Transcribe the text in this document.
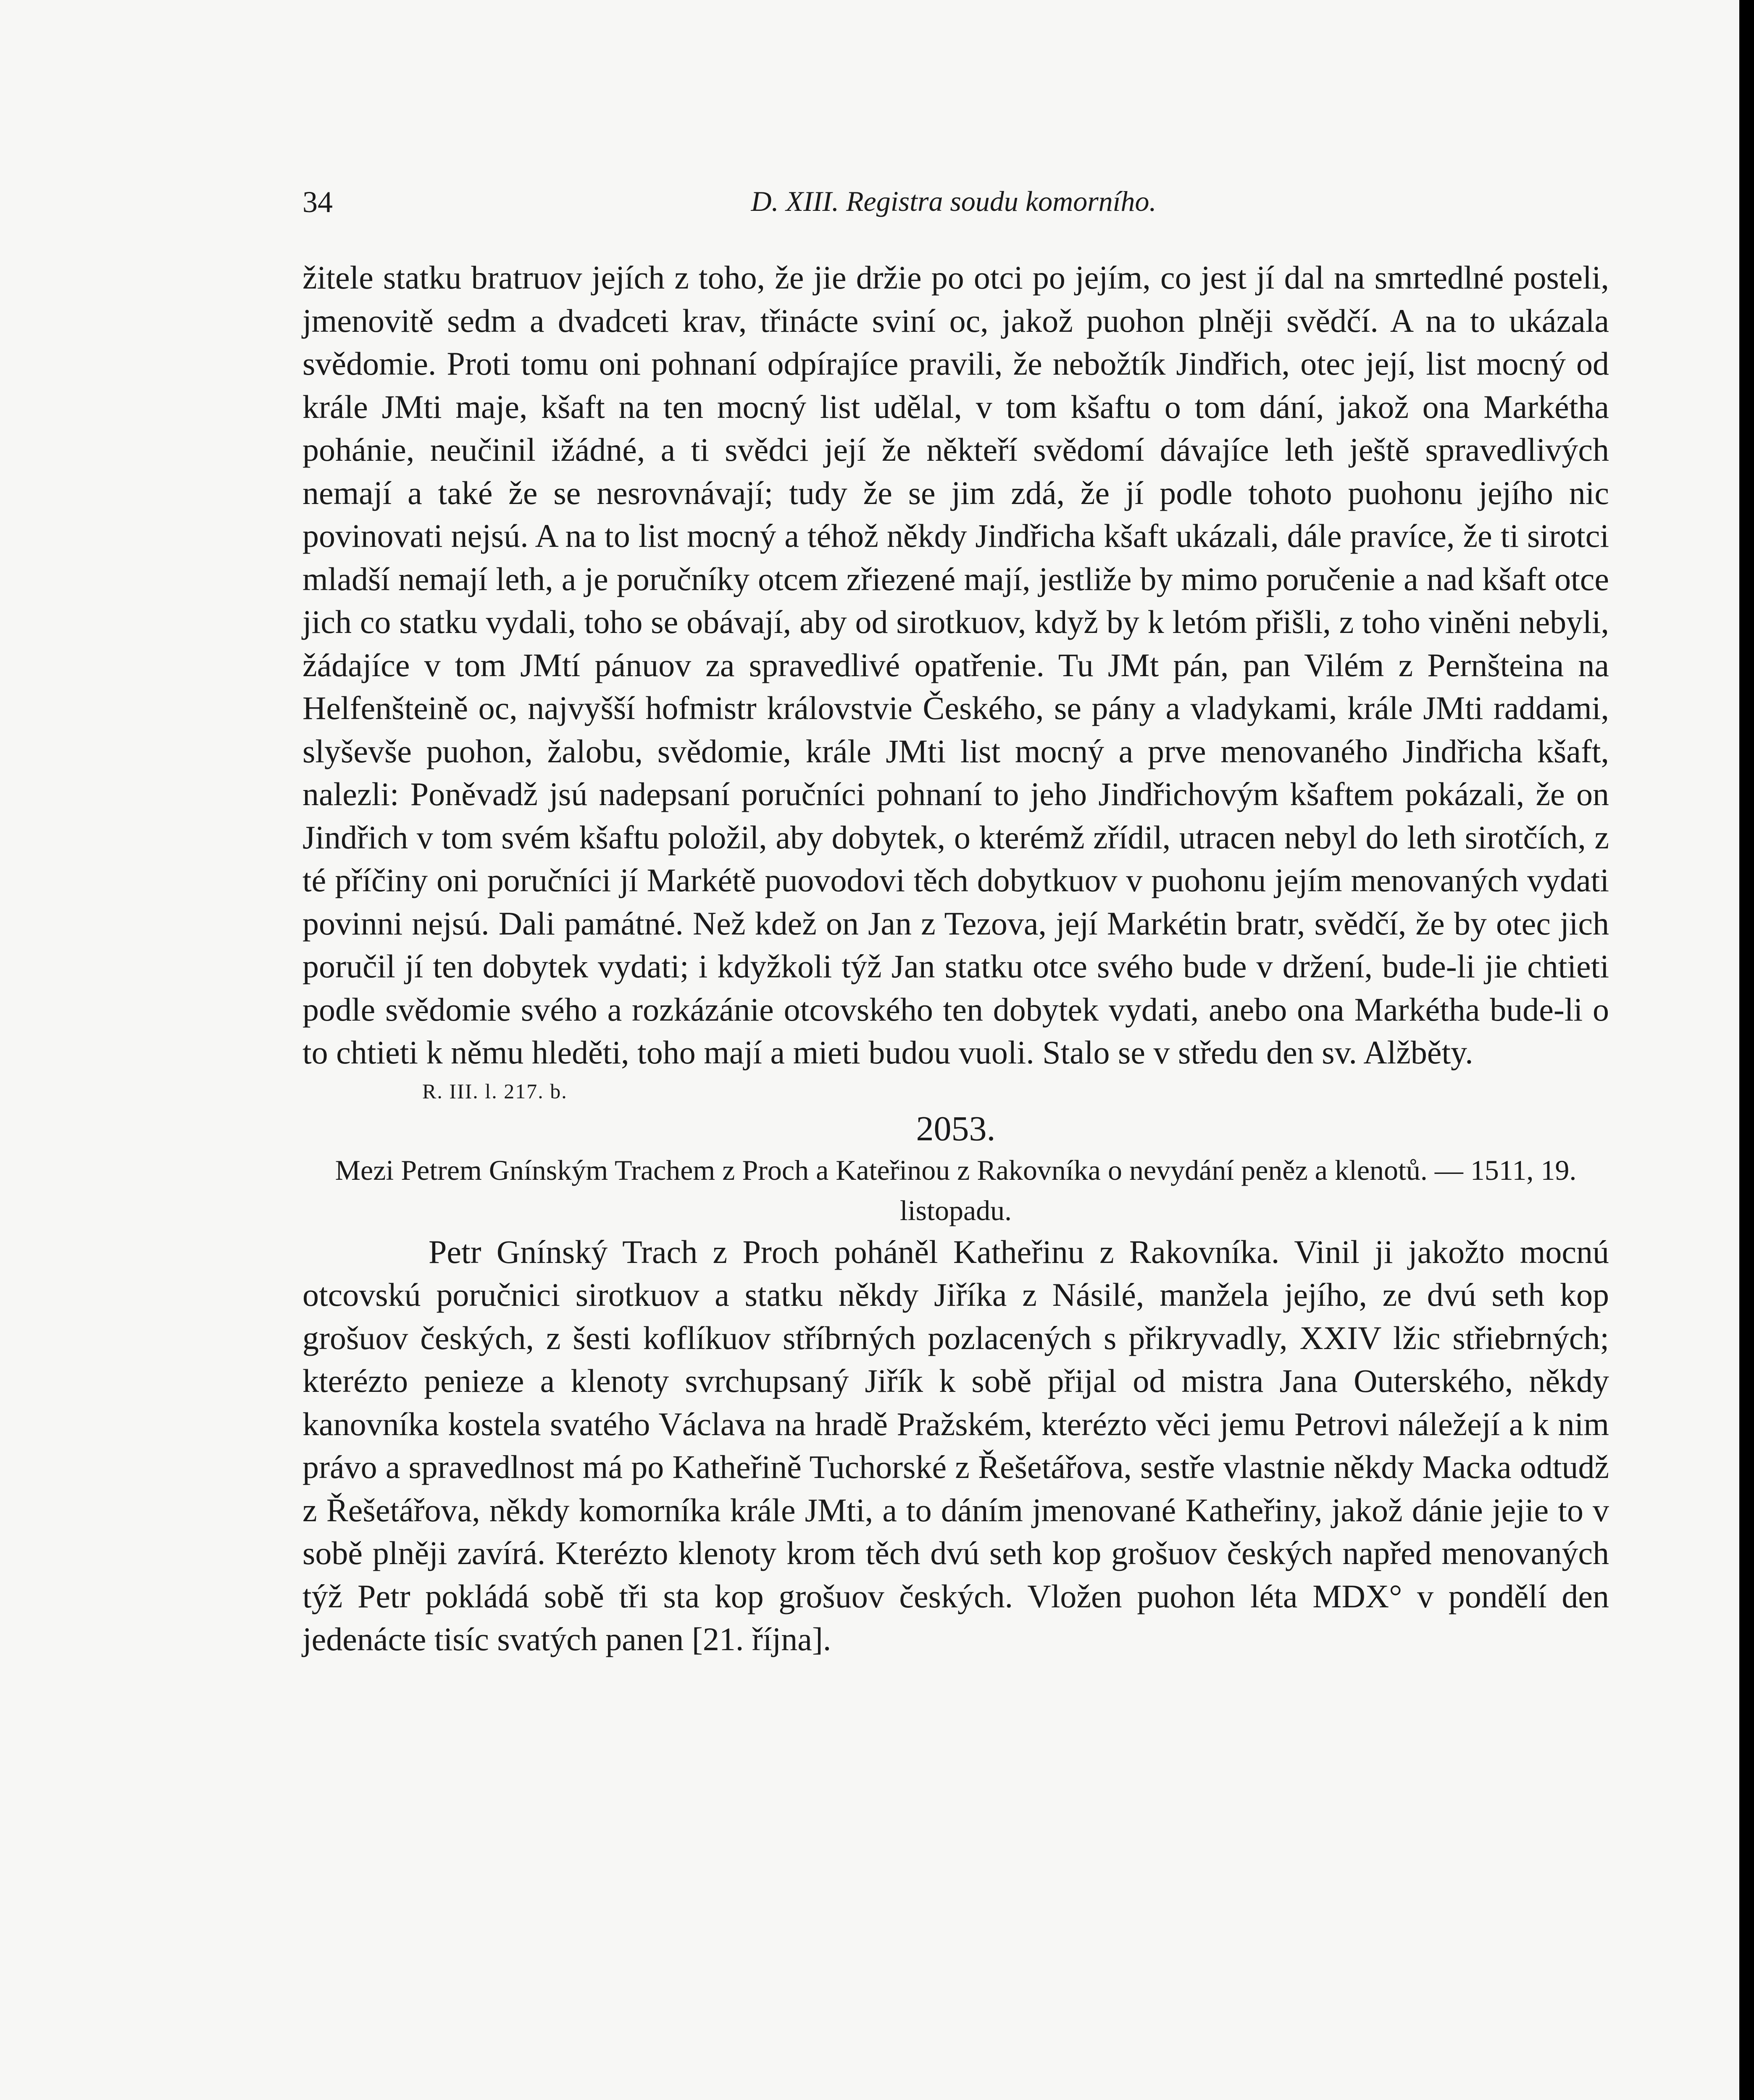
34	D. XIII. Registra soudu komorního.

žitele statku bratruov jejích z toho, že jie držie po otci po jejím, co jest jí dal na smrtedlné posteli, jmenovitě sedm a dvadceti krav, třinácte sviní oc, jakož puohon plněji svědčí. A na to ukázala svědomie. Proti tomu oni pohnaní odpírajíce pravili, že nebožtík Jindřich, otec její, list mocný od krále JMti maje, kšaft na ten mocný list udělal, v tom kšaftu o tom dání, jakož ona Markétha pohánie, neučinil ižádné, a ti svědci její že někteří svědomí dávajíce leth ještě spravedlivých nemají a také že se nesrovnávají; tudy že se jim zdá, že jí podle tohoto puohonu jejího nic povinovati nejsú. A na to list mocný a téhož někdy Jindřicha kšaft ukázali, dále pravíce, že ti sirotci mladší nemají leth, a je poručníky otcem zřiezené mají, jestliže by mimo poručenie a nad kšaft otce jich co statku vydali, toho se obávají, aby od sirotkuov, když by k letóm přišli, z toho viněni nebyli, žádajíce v tom JMtí pánuov za spravedlivé opatřenie. Tu JMt pán, pan Vilém z Pernšteina na Helfenšteině oc, najvyšší hofmistr královstvie Českého, se pány a vladykami, krále JMti raddami, slyševše puohon, žalobu, svědomie, krále JMti list mocný a prve menovaného Jindřicha kšaft, nalezli: Poněvadž jsú nadepsaní poručníci pohnaní to jeho Jindřichovým kšaftem pokázali, že on Jindřich v tom svém kšaftu položil, aby dobytek, o kterémž zřídil, utracen nebyl do leth sirotčích, z té příčiny oni poručníci jí Markétě puovodovi těch dobytkuov v puohonu jejím menovaných vydati povinni nejsú. Dali památné. Než kdež on Jan z Tezova, její Markétin bratr, svědčí, že by otec jich poručil jí ten dobytek vydati; i kdyžkoli týž Jan statku otce svého bude v držení, bude-li jie chtieti podle svědomie svého a rozkázánie otcovského ten dobytek vydati, anebo ona Markétha bude-li o to chtieti k němu hleděti, toho mají a mieti budou vuoli. Stalo se v středu den sv. Alžběty.

R. III. l. 217. b.

2053.

Mezi Petrem Gnínským Trachem z Proch a Kateřinou z Rakovníka o nevydání peněz a klenotů. — 1511, 19. listopadu.

Petr Gnínský Trach z Proch poháněl Katheřinu z Rakovníka. Vinil ji jakožto mocnú otcovskú poručnici sirotkuov a statku někdy Jiříka z Násilé, manžela jejího, ze dvú seth kop grošuov českých, z šesti koflíkuov stříbrných pozlacených s přikryvadly, XXIV lžic střiebrných; kterézto penieze a klenoty svrchupsaný Jiřík k sobě přijal od mistra Jana Outerského, někdy kanovníka kostela svatého Václava na hradě Pražském, kterézto věci jemu Petrovi náležejí a k nim právo a spravedlnost má po Katheřině Tuchorské z Řešetářova, sestře vlastnie někdy Macka odtudž z Řešetářova, někdy komorníka krále JMti, a to dáním jmenované Katheřiny, jakož dánie jejie to v sobě plněji zavírá. Kterézto klenoty krom těch dvú seth kop grošuov českých napřed menovaných týž Petr pokládá sobě tři sta kop grošuov českých. Vložen puohon léta MDX° v pondělí den jedenácte tisíc svatých panen [21. října].
